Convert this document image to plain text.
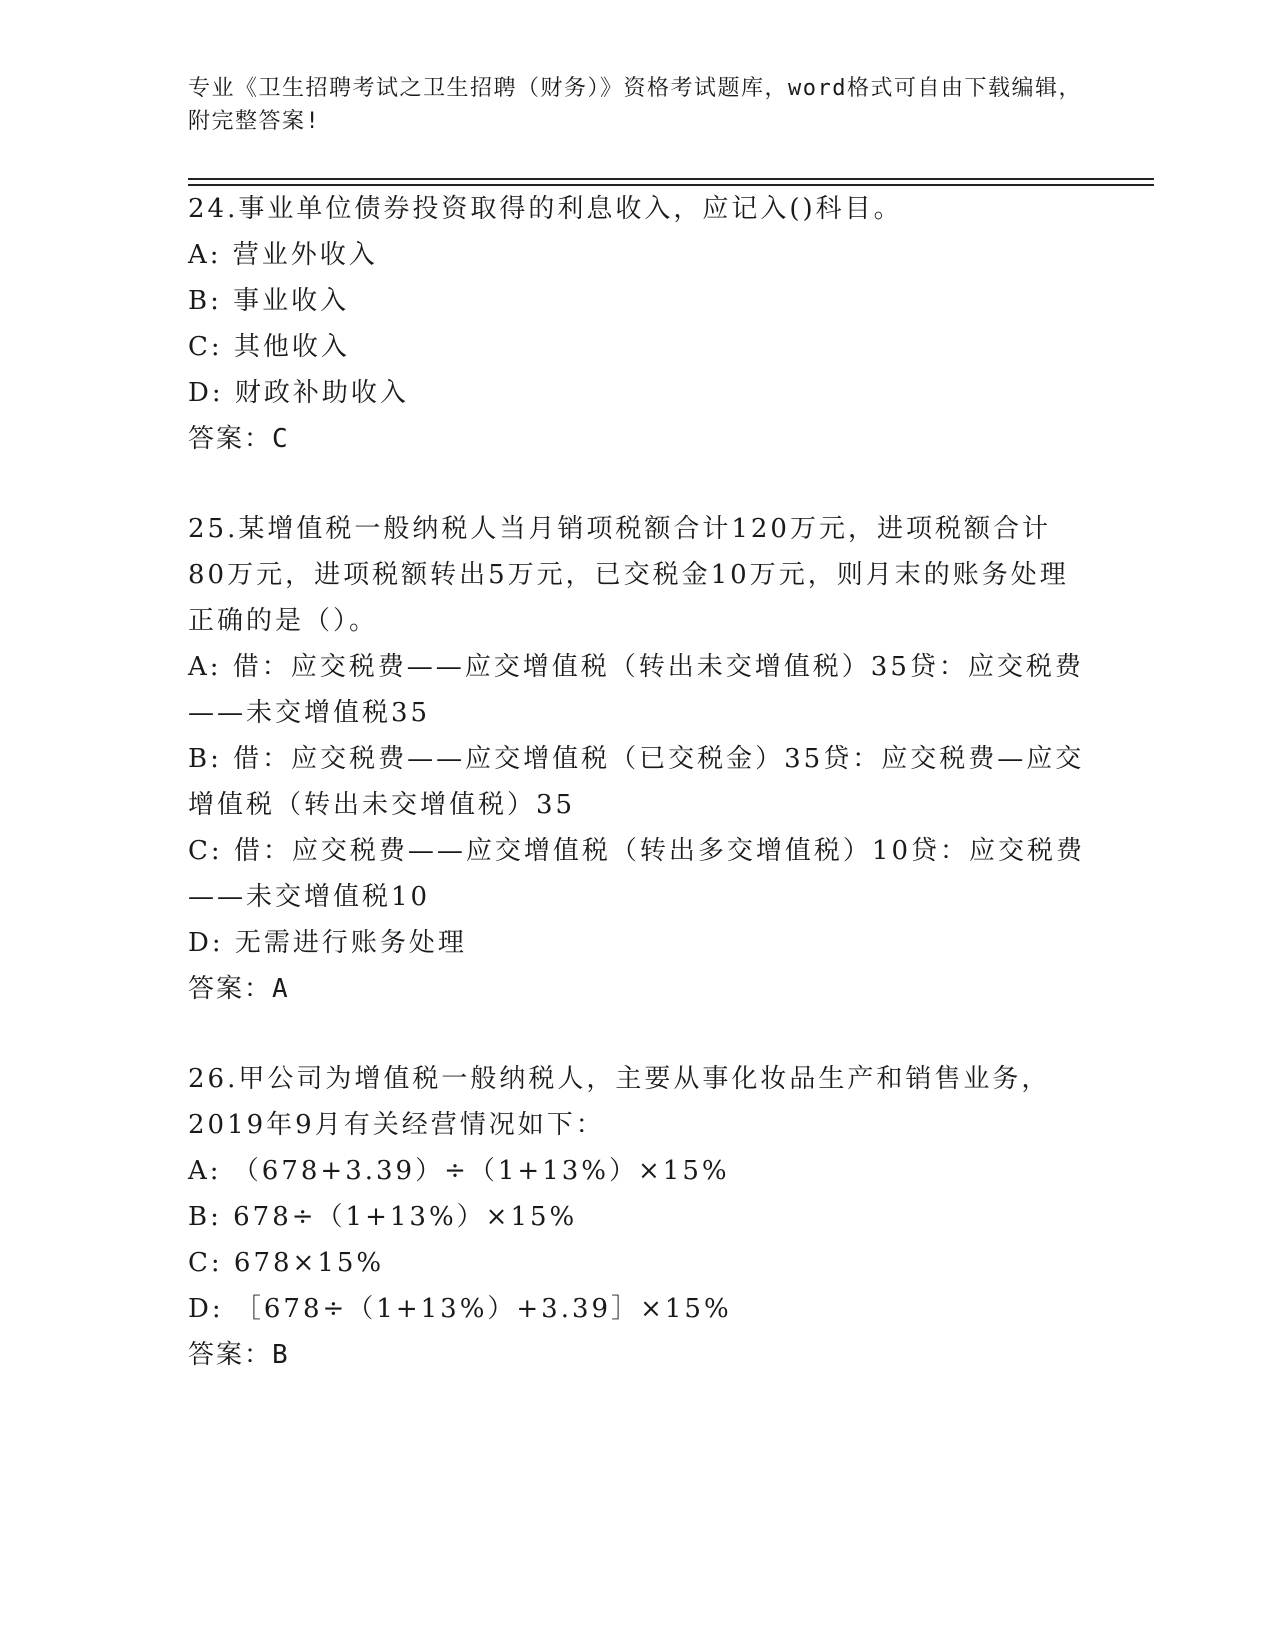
专业《卫生招聘考试之卫生招聘（财务）》资格考试题库，word格式可自由下载编辑，附完整答案!
24.事业单位债券投资取得的利息收入，应记入()科目。
A: 营业外收入
B: 事业收入
C: 其他收入
D: 财政补助收入
答案：C
25.某增值税一般纳税人当月销项税额合计120万元，进项税额合计80万元，进项税额转出5万元，已交税金10万元，则月末的账务处理正确的是（）。
A: 借：应交税费——应交增值税（转出未交增值税）35贷：应交税费——未交增值税35
B: 借：应交税费——应交增值税（已交税金）35贷：应交税费—应交增值税（转出未交增值税）35
C: 借：应交税费——应交增值税（转出多交增值税）10贷：应交税费——未交增值税10
D: 无需进行账务处理
答案：A
26.甲公司为增值税一般纳税人，主要从事化妆品生产和销售业务，2019年9月有关经营情况如下：
A: （678+3.39）÷（1+13%）×15%
B: 678÷（1+13%）×15%
C: 678×15%
D: ［678÷（1+13%）+3.39］×15%
答案：B
